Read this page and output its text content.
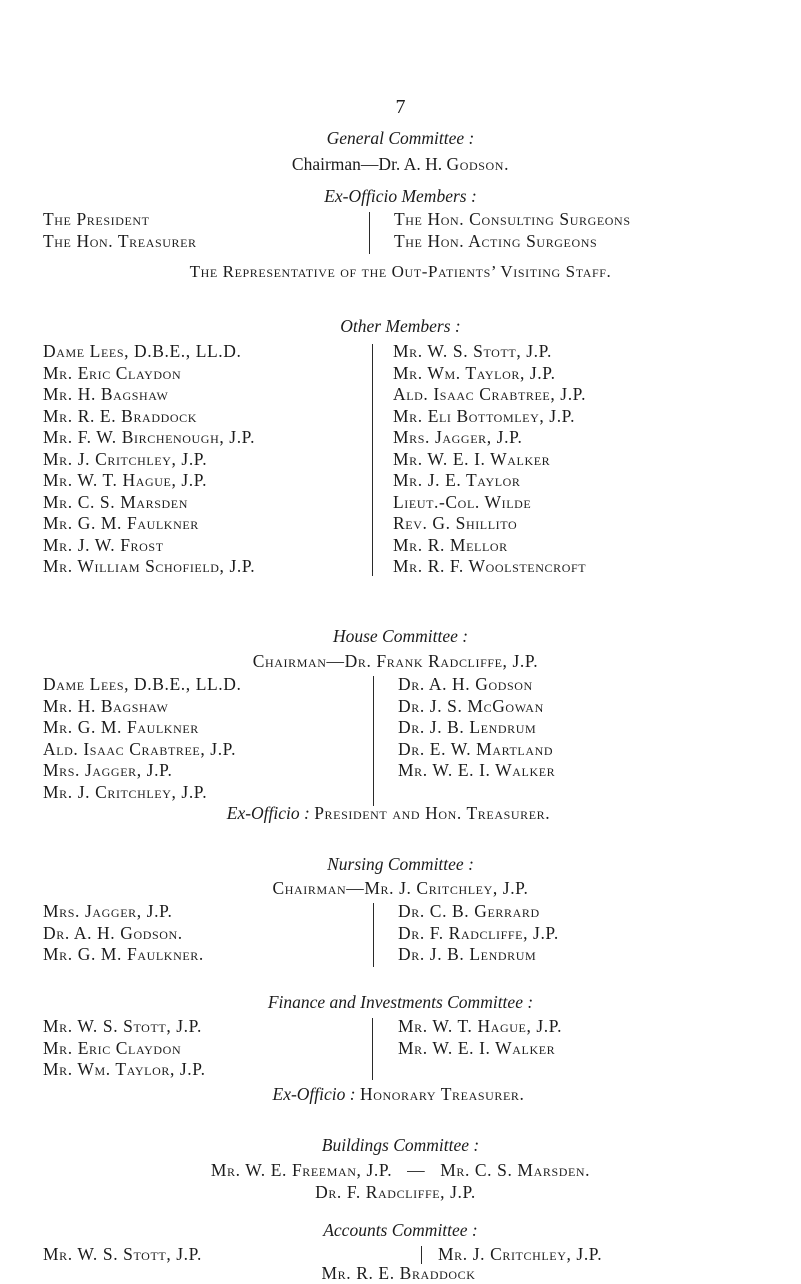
7
General Committee :
Chairman—Dr. A. H. Godson.
Ex-Officio Members :
The President
The Hon. Treasurer
The Hon. Consulting Surgeons
The Hon. Acting Surgeons
The Representative of the Out-Patients’ Visiting Staff.
Other Members :
Dame Lees, D.B.E., LL.D.
Mr. Eric Claydon
Mr. H. Bagshaw
Mr. R. E. Braddock
Mr. F. W. Birchenough, J.P.
Mr. J. Critchley, J.P.
Mr. W. T. Hague, J.P.
Mr. C. S. Marsden
Mr. G. M. Faulkner
Mr. J. W. Frost
Mr. William Schofield, J.P.
Mr. W. S. Stott, J.P.
Mr. Wm. Taylor, J.P.
Ald. Isaac Crabtree, J.P.
Mr. Eli Bottomley, J.P.
Mrs. Jagger, J.P.
Mr. W. E. I. Walker
Mr. J. E. Taylor
Lieut.-Col. Wilde
Rev. G. Shillito
Mr. R. Mellor
Mr. R. F. Woolstencroft
House Committee :
Chairman—Dr. Frank Radcliffe, J.P.
Dame Lees, D.B.E., LL.D.
Mr. H. Bagshaw
Mr. G. M. Faulkner
Ald. Isaac Crabtree, J.P.
Mrs. Jagger, J.P.
Mr. J. Critchley, J.P.
Dr. A. H. Godson
Dr. J. S. McGowan
Dr. J. B. Lendrum
Dr. E. W. Martland
Mr. W. E. I. Walker
Ex-Officio : President and Hon. Treasurer.
Nursing Committee :
Chairman—Mr. J. Critchley, J.P.
Mrs. Jagger, J.P.
Dr. A. H. Godson.
Mr. G. M. Faulkner.
Dr. C. B. Gerrard
Dr. F. Radcliffe, J.P.
Dr. J. B. Lendrum
Finance and Investments Committee :
Mr. W. S. Stott, J.P.
Mr. Eric Claydon
Mr. Wm. Taylor, J.P.
Mr. W. T. Hague, J.P.
Mr. W. E. I. Walker
Ex-Officio : Honorary Treasurer.
Buildings Committee :
Mr. W. E. Freeman, J.P.   —   Mr. C. S. Marsden.
Dr. F. Radcliffe, J.P.
Accounts Committee :
Mr. W. S. Stott, J.P.	Mr. J. Critchley, J.P.
Mr. R. E. Braddock
